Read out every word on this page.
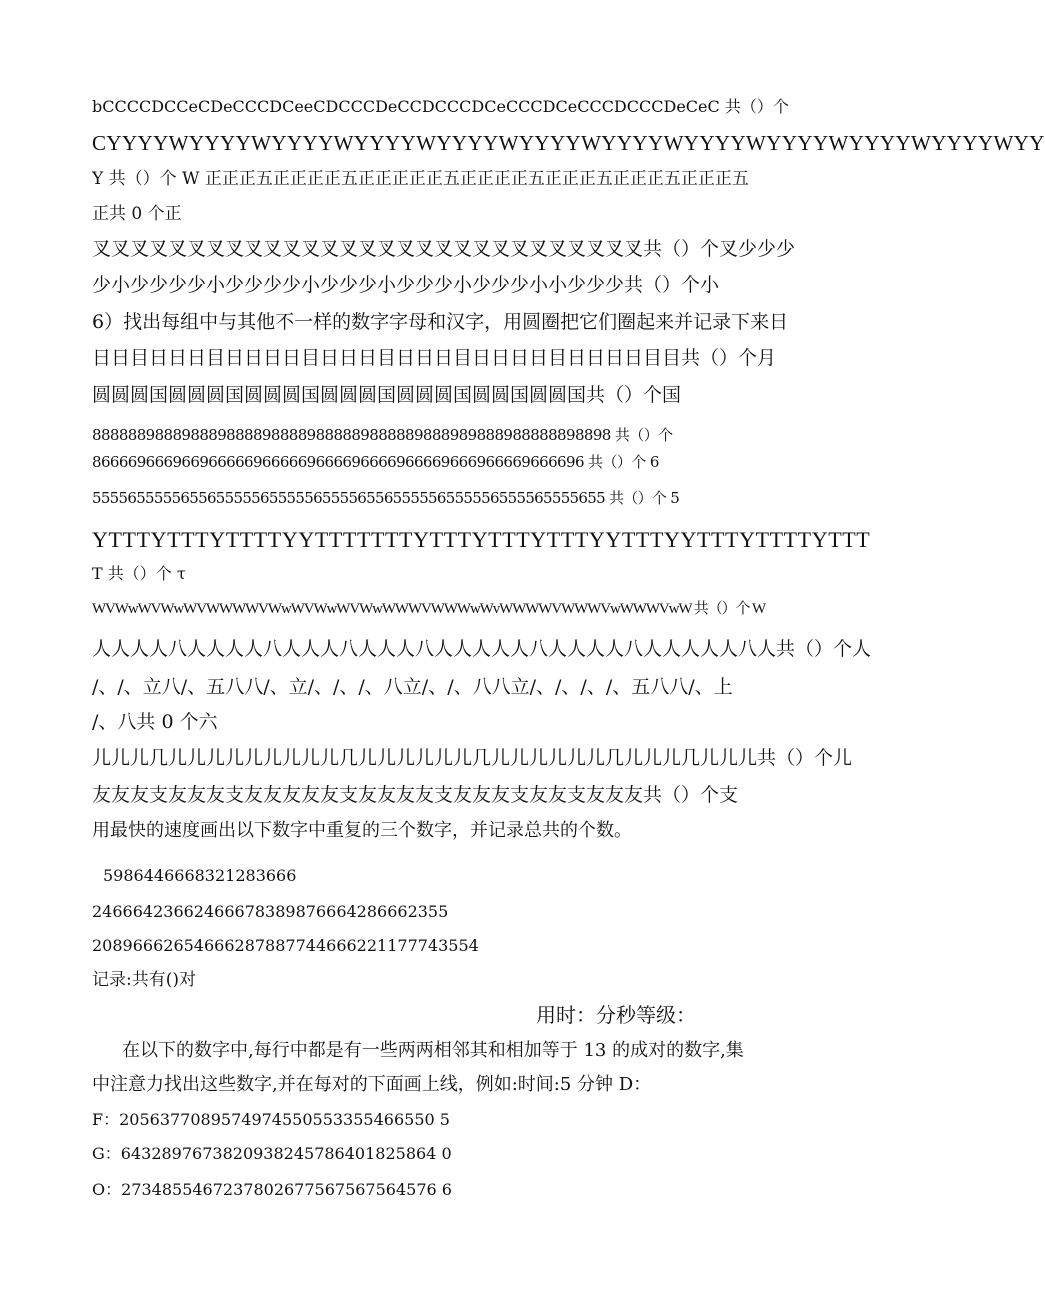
bCCCCDCCeCDeCCCDCeeCDCCCDeCCDCCCDCeCCCDCeCCCDCCCDeCeC 共（）个
CYYYYWYYYYWYYYYWYYYYWYYYYWYYYYWYYYYWYYYYWYYYYWYYYYWYYYYWYY
Y 共（）个 W 正正正五正正正正五正正正正正五正正正正五正正正五正正正五正正正五
正共 0 个正
叉叉叉叉叉叉叉叉叉叉叉叉叉叉叉叉叉叉叉叉叉叉叉叉叉叉叉叉叉共（）个叉少少少
少小少少少少小少少少少小少少少小少少少小少少少小小少少少共（）个小
6）找出每组中与其他不一样的数字字母和汉字，用圆圈把它们圈起来并记录下来日
日日目日日日目日日日日目日日日目日日日目日日日日目日日日日目目共（）个月
圆圆圆国圆圆圆国圆圆圆国圆圆圆国圆圆圆国圆圆国圆圆国共（）个国
8888889888988898888988889888889888889888989888988888898898 共（）个
8666696669669666669666669666696666966669666966669666696 共（）个 6
5555655555655655555655555655556556555556555556555565555655 共（）个 5
YTTTYTTTYTTTTYYTTTTTTTYTTTYTTTYTTTYYTTTYYTTTYTTTTYTTT
T 共（）个 τ
WVWwWVWwWVWWWWVWwWVWwWVWwWWWVWWWwWvWWWWVWWWVwWWWVwW 共（）个 W
人人人人八人人人人八人人人八人人人八人人人人人八人人人人八人人人人人八人共（）个人
/、/、立八/、五八八/、立/、/、/、八立/、/、八八立/、/、/、/、五八八/、上
/、八共 0 个六
儿儿儿几儿儿儿儿儿儿儿儿儿几儿儿儿儿儿儿几儿儿儿儿儿儿几儿儿儿几儿儿儿共（）个儿
友友友支友友友支友友友友友支友友友友支友友友支友友支友友友共（）个支
用最快的速度画出以下数字中重复的三个数字，并记录总共的个数。
5986446668321283666
24666423662466678389876664286662355
20896662654666287887744666221177743554
记录:共有()对
用时：分秒等级：
在以下的数字中,每行中都是有一些两两相邻其和相加等于 13 的成对的数字,集
中注意力找出这些数字,并在每对的下面画上线，例如:时间:5 分钟 D：
F：2056377089574974550553355466550 5
G：6432897673820938245786401825864 0
O：2734855467237802677567567564576 6
